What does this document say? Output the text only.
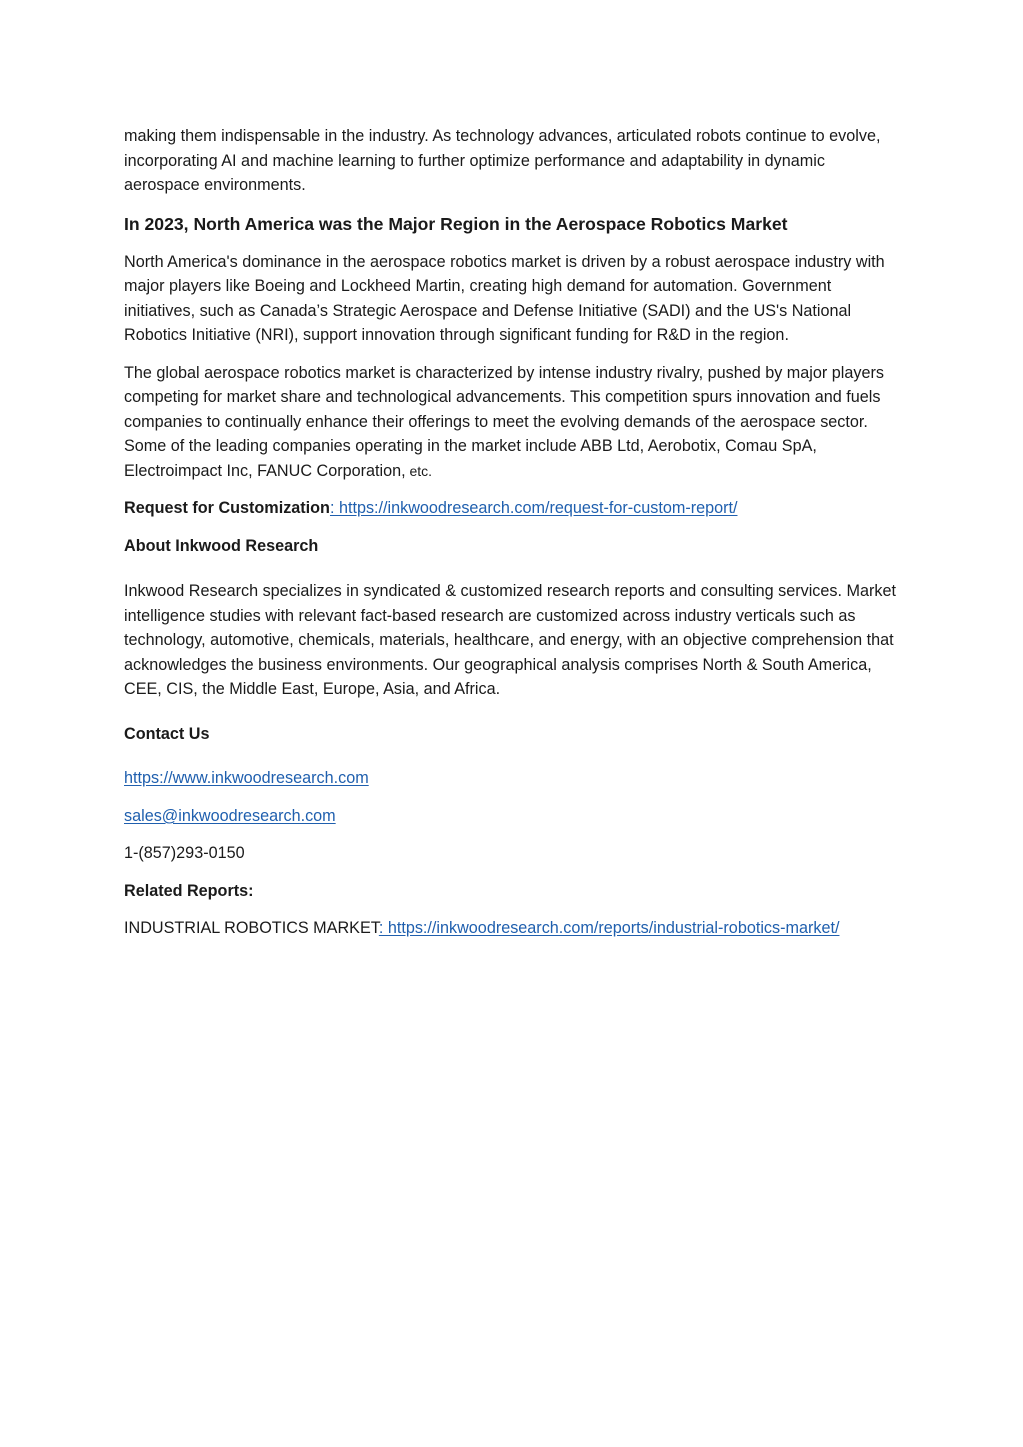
making them indispensable in the industry. As technology advances, articulated robots continue to evolve, incorporating AI and machine learning to further optimize performance and adaptability in dynamic aerospace environments.

In 2023, North America was the Major Region in the Aerospace Robotics Market

North America's dominance in the aerospace robotics market is driven by a robust aerospace industry with major players like Boeing and Lockheed Martin, creating high demand for automation. Government initiatives, such as Canada’s Strategic Aerospace and Defense Initiative (SADI) and the US's National Robotics Initiative (NRI), support innovation through significant funding for R&D in the region.

The global aerospace robotics market is characterized by intense industry rivalry, pushed by major players competing for market share and technological advancements. This competition spurs innovation and fuels companies to continually enhance their offerings to meet the evolving demands of the aerospace sector. Some of the leading companies operating in the market include ABB Ltd, Aerobotix, Comau SpA, Electroimpact Inc, FANUC Corporation, etc.

Request for Customization: https://inkwoodresearch.com/request-for-custom-report/

About Inkwood Research

Inkwood Research specializes in syndicated & customized research reports and consulting services. Market intelligence studies with relevant fact-based research are customized across industry verticals such as technology, automotive, chemicals, materials, healthcare, and energy, with an objective comprehension that acknowledges the business environments. Our geographical analysis comprises North & South America, CEE, CIS, the Middle East, Europe, Asia, and Africa.

Contact Us

https://www.inkwoodresearch.com

sales@inkwoodresearch.com

1-(857)293-0150

Related Reports:

INDUSTRIAL ROBOTICS MARKET: https://inkwoodresearch.com/reports/industrial-robotics-market/
